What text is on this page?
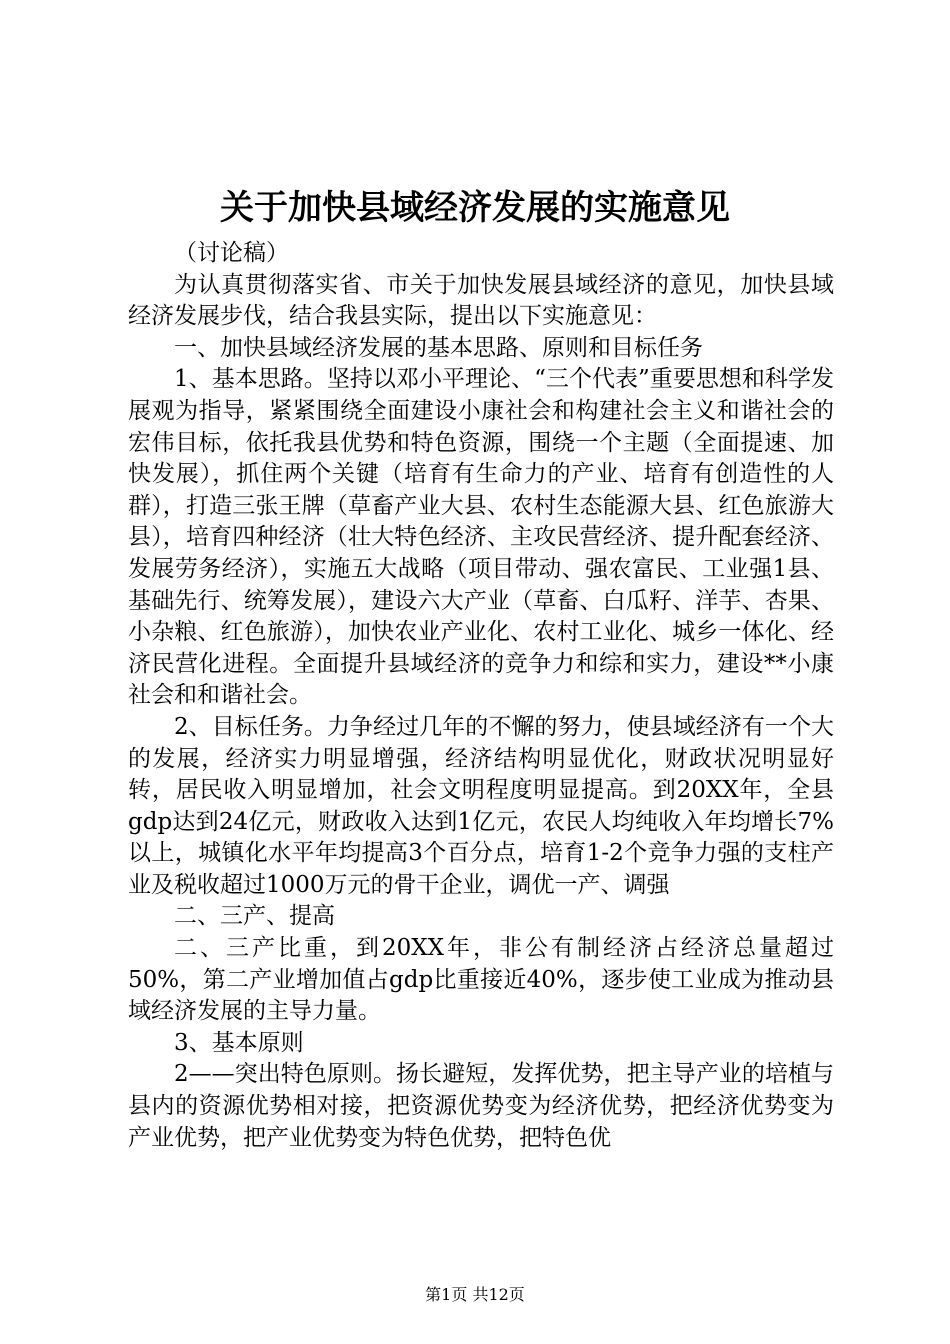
关于加快县域经济发展的实施意见

（讨论稿）

为认真贯彻落实省、市关于加快发展县域经济的意见，加快县域经济发展步伐，结合我县实际，提出以下实施意见：

一、加快县域经济发展的基本思路、原则和目标任务

1、基本思路。坚持以邓小平理论、“三个代表”重要思想和科学发展观为指导，紧紧围绕全面建设小康社会和构建社会主义和谐社会的宏伟目标，依托我县优势和特色资源，围绕一个主题（全面提速、加快发展），抓住两个关键（培育有生命力的产业、培育有创造性的人群），打造三张王牌（草畜产业大县、农村生态能源大县、红色旅游大县），培育四种经济（壮大特色经济、主攻民营经济、提升配套经济、发展劳务经济），实施五大战略（项目带动、强农富民、工业强1县、基础先行、统筹发展），建设六大产业（草畜、白瓜籽、洋芋、杏果、小杂粮、红色旅游），加快农业产业化、农村工业化、城乡一体化、经济民营化进程。全面提升县域经济的竞争力和综和实力，建设**小康社会和和谐社会。

2、目标任务。力争经过几年的不懈的努力，使县域经济有一个大的发展，经济实力明显增强，经济结构明显优化，财政状况明显好转，居民收入明显增加，社会文明程度明显提高。到20XX年，全县gdp达到24亿元，财政收入达到1亿元，农民人均纯收入年均增长7%以上，城镇化水平年均提高3个百分点，培育1-2个竞争力强的支柱产业及税收超过1000万元的骨干企业，调优一产、调强

二、三产、提高

二、三产比重，到20XX年，非公有制经济占经济总量超过50%，第二产业增加值占gdp比重接近40%，逐步使工业成为推动县域经济发展的主导力量。

3、基本原则

2——突出特色原则。扬长避短，发挥优势，把主导产业的培植与县内的资源优势相对接，把资源优势变为经济优势，把经济优势变为产业优势，把产业优势变为特色优势，把特色优

第1页 共12页
